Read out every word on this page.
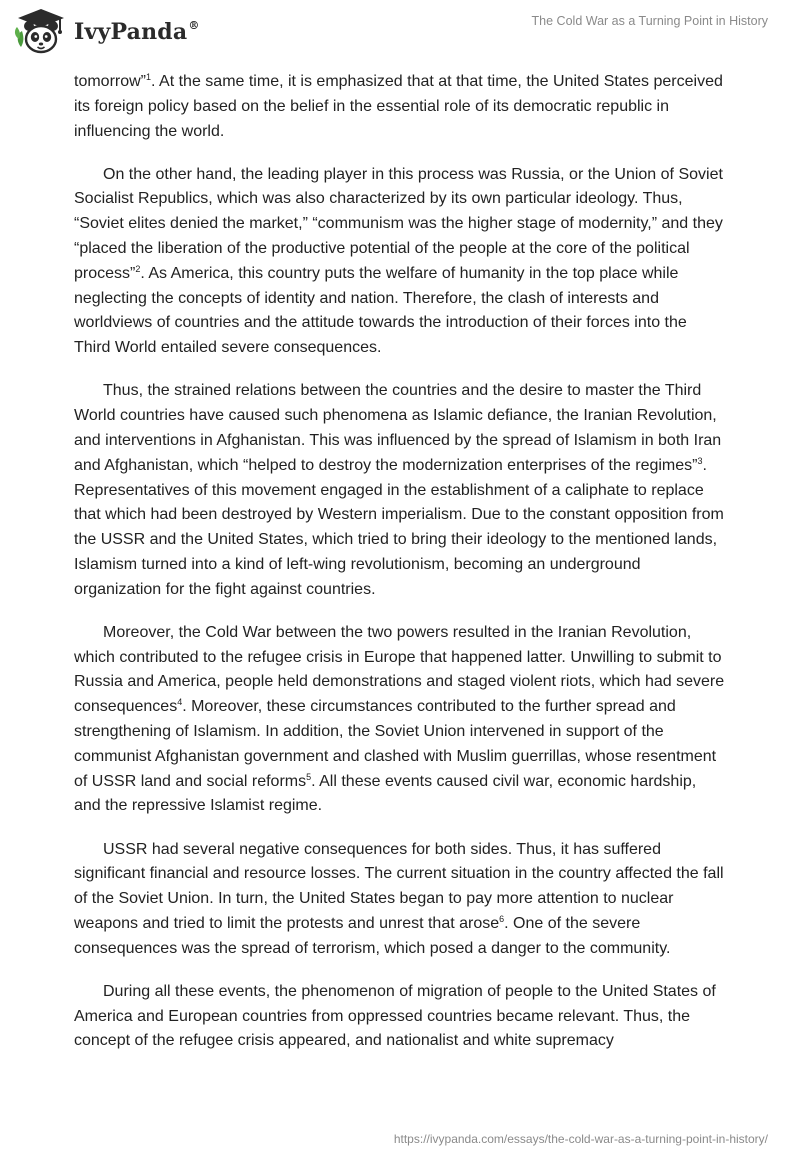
IvyPanda®	The Cold War as a Turning Point in History

tomorrow”$^1$. At the same time, it is emphasized that at that time, the United States perceived its foreign policy based on the belief in the essential role of its democratic republic in influencing the world.

On the other hand, the leading player in this process was Russia, or the Union of Soviet Socialist Republics, which was also characterized by its own particular ideology. Thus, “Soviet elites denied the market,” “communism was the higher stage of modernity,” and they “placed the liberation of the productive potential of the people at the core of the political process”$^2$. As America, this country puts the welfare of humanity in the top place while neglecting the concepts of identity and nation. Therefore, the clash of interests and worldviews of countries and the attitude towards the introduction of their forces into the Third World entailed severe consequences.

Thus, the strained relations between the countries and the desire to master the Third World countries have caused such phenomena as Islamic defiance, the Iranian Revolution, and interventions in Afghanistan. This was influenced by the spread of Islamism in both Iran and Afghanistan, which “helped to destroy the modernization enterprises of the regimes”$^3$. Representatives of this movement engaged in the establishment of a caliphate to replace that which had been destroyed by Western imperialism. Due to the constant opposition from the USSR and the United States, which tried to bring their ideology to the mentioned lands, Islamism turned into a kind of left-wing revolutionism, becoming an underground organization for the fight against countries.

Moreover, the Cold War between the two powers resulted in the Iranian Revolution, which contributed to the refugee crisis in Europe that happened latter. Unwilling to submit to Russia and America, people held demonstrations and staged violent riots, which had severe consequences$^4$. Moreover, these circumstances contributed to the further spread and strengthening of Islamism. In addition, the Soviet Union intervened in support of the communist Afghanistan government and clashed with Muslim guerrillas, whose resentment of USSR land and social reforms$^5$. All these events caused civil war, economic hardship, and the repressive Islamist regime.

USSR had several negative consequences for both sides. Thus, it has suffered significant financial and resource losses. The current situation in the country affected the fall of the Soviet Union. In turn, the United States began to pay more attention to nuclear weapons and tried to limit the protests and unrest that arose$^6$. One of the severe consequences was the spread of terrorism, which posed a danger to the community.

During all these events, the phenomenon of migration of people to the United States of America and European countries from oppressed countries became relevant. Thus, the concept of the refugee crisis appeared, and nationalist and white supremacy

https://ivypanda.com/essays/the-cold-war-as-a-turning-point-in-history/
